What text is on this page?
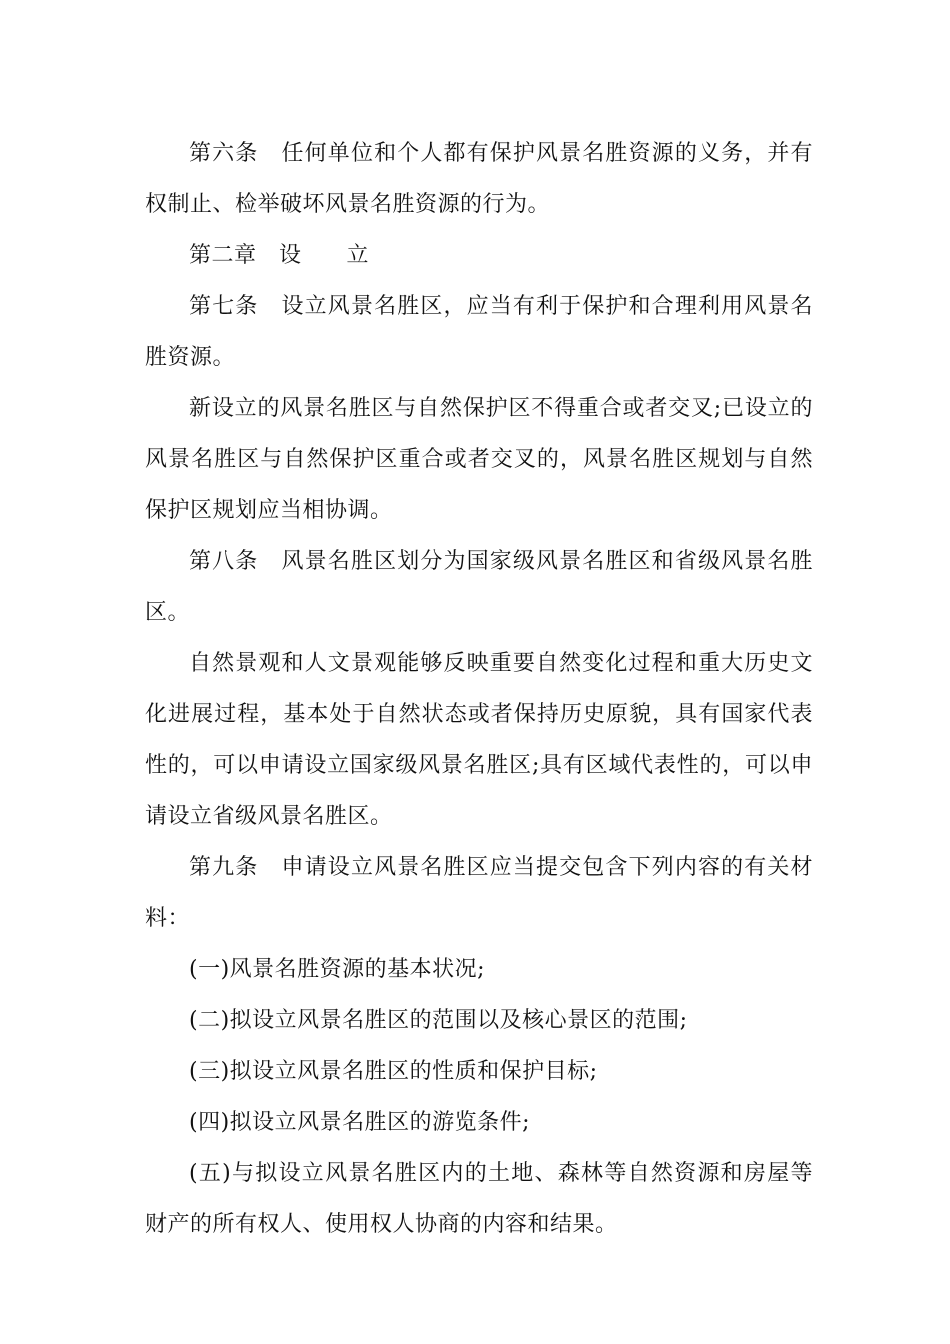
第六条　任何单位和个人都有保护风景名胜资源的义务，并有权制止、检举破坏风景名胜资源的行为。

第二章　设　　立

第七条　设立风景名胜区，应当有利于保护和合理利用风景名胜资源。

新设立的风景名胜区与自然保护区不得重合或者交叉;已设立的风景名胜区与自然保护区重合或者交叉的，风景名胜区规划与自然保护区规划应当相协调。

第八条　风景名胜区划分为国家级风景名胜区和省级风景名胜区。

自然景观和人文景观能够反映重要自然变化过程和重大历史文化进展过程，基本处于自然状态或者保持历史原貌，具有国家代表性的，可以申请设立国家级风景名胜区;具有区域代表性的，可以申请设立省级风景名胜区。

第九条　申请设立风景名胜区应当提交包含下列内容的有关材料：

(一)风景名胜资源的基本状况;

(二)拟设立风景名胜区的范围以及核心景区的范围;

(三)拟设立风景名胜区的性质和保护目标;

(四)拟设立风景名胜区的游览条件;

(五)与拟设立风景名胜区内的土地、森林等自然资源和房屋等财产的所有权人、使用权人协商的内容和结果。
